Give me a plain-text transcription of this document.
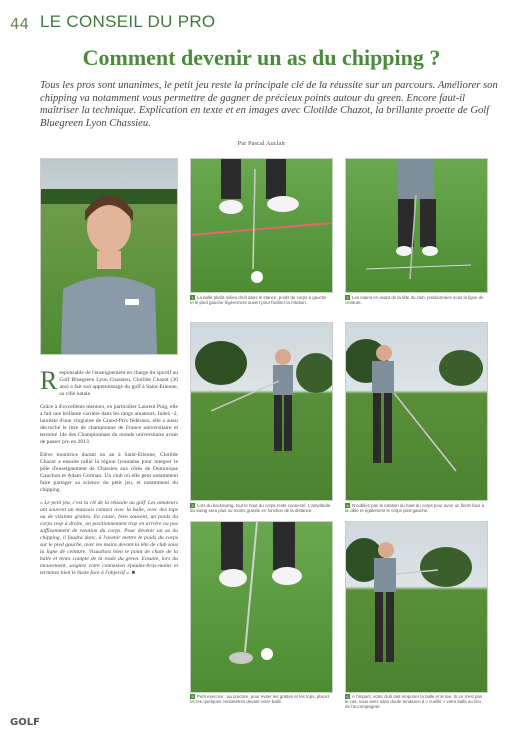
44 LE CONSEIL DU PRO
Comment devenir un as du chipping ?
Tous les pros sont unanimes, le petit jeu reste la principale clé de la réussite sur un parcours. Améliorer son chipping va notamment vous permettre de gagner de précieux points autour du green. Encore faut-il maîtriser la technique. Explication en texte et en images avec Clotilde Chazot, la brillante proette de Golf Bluegreen Lyon Chassieu.
Par Pascal Auclair

R esponsable de l'enseignement en charge du sportif au Golf Bluegreen Lyon Chassieu, Clotilde Chazot (30 ans) a fait son apprentissage du golf à Saint-Etienne, sa ville natale.

Grâce à d'excellents mentors, en particulier Laurent Puig, elle a fait une brillante carrière dans les rangs amateurs. Index -2, lauréate d'une vingtaine de Grand-Prix fédéraux, elle a aussi décroché le titre de championne de France universitaire et terminé 14e des Championnats du monde universitaire avant de passer pro en 2013.

Elève monitrice durant un an à Saint-Etienne, Clotilde Chazot a ensuite rallié la région lyonnaise pour intégrer le pôle d'enseignement de Chassieu aux côtés de Dominique Gauchon et Adam Gorman. Un club où elle peut notamment faire partager sa science du petit jeu, et notamment du chipping.

« Le petit jeu, c'est la clé de la réussite au golf. Les amateurs ont souvent un mauvais contact avec la balle, avec des tops ou de vilaines grattes. En cause, bien souvent, un poids du corps trop à droite, un positionnement trop en arrière ou pas suffisamment de rotation du corps. Pour devenir un as du chipping, il faudra donc, à l'avenir mettre le poids du corps sur le pied gauche, avec les mains devant la tête de club sous la ligne de ceinture. Visualisez bien le point de chute de la balle et tenez compte de la roule du green. Ensuite, lors du mouvement, soignez votre connexion épaules-bras-mains et terminez bien le buste face à l'objectif ». ■

1 La balle plutôt milieu droit dans le stance, poids du corps à gauche et le pied gauche légèrement ouvert pour faciliter la rotation.
2 Les mains en avant de la tête du club, positionnées sous la ligne de ceinture.
3 Lors du backswing, tout le haut du corps reste connecté. L'amplitude du swing sera plus ou moins grande en fonction de la distance.
4 N'oubliez pas la rotation du haut du corps pour avoir un finish face à la cible et également le corps pied gauche.
5 Petit exercice : au practice, pour éviter les grattes et les tops, placez un tee quelques centimètres devant votre balle.
6 A l'impact, votre club doit emporter la balle et le tee. Si ce n'est pas le cas, vous avez sans doute tendance à « cueillir » votre balle au lieu de l'accompagner.
GOLF
